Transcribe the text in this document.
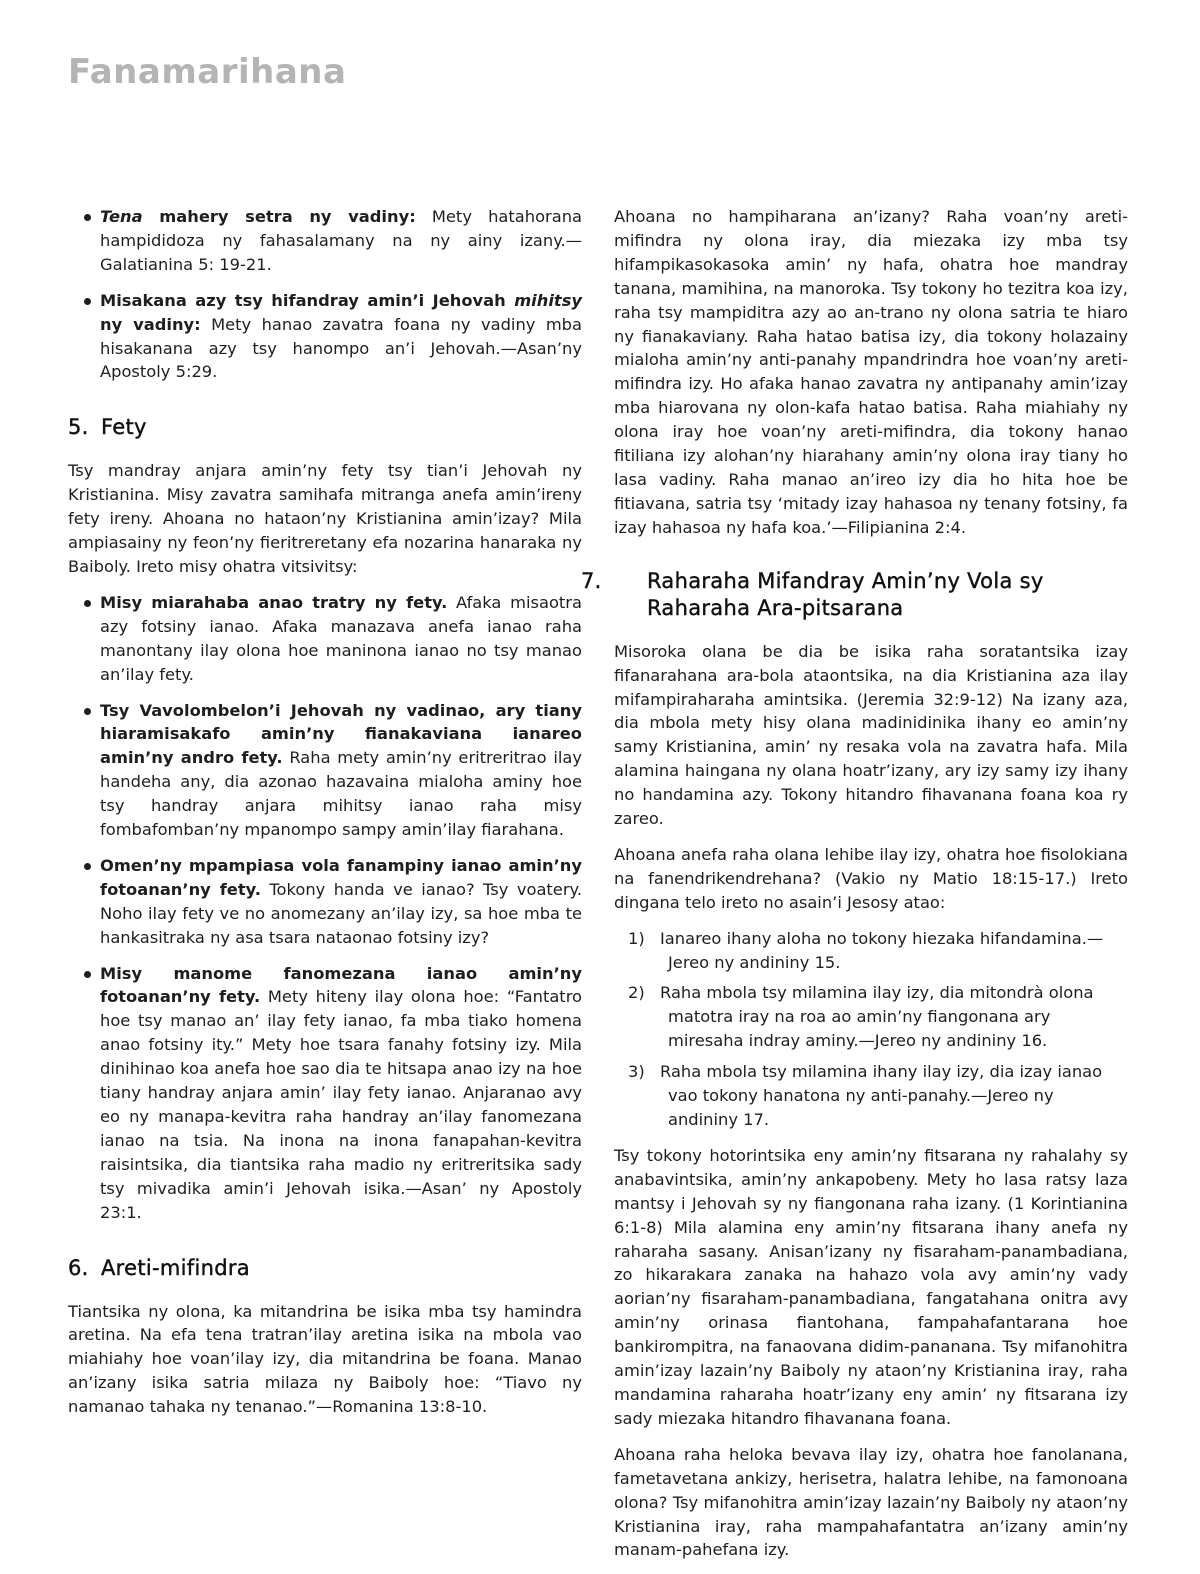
Fanamarihana
Tena mahery setra ny vadiny: Mety hatahorana hampididoza ny fahasalamany na ny ainy izany.—Galatianina 5: 19-21.
Misakana azy tsy hifandray amin’i Jehovah mihitsy ny vadiny: Mety hanao zavatra foana ny vadiny mba hisakanana azy tsy hanompo an’i Jehovah.—Asan’ny Apostoly 5:29.
5. Fety

Tsy mandray anjara amin’ny fety tsy tian’i Jehovah ny Kristianina. Misy zavatra samihafa mitranga anefa amin’ireny fety ireny. Ahoana no hataon’ny Kristianina amin’izay? Mila ampiasainy ny feon’ny fieritreretany efa nozarina hanaraka ny Baiboly. Ireto misy ohatra vitsivitsy:

Misy miarahaba anao tratry ny fety. Afaka misaotra azy fotsiny ianao. Afaka manazava anefa ianao raha manontany ilay olona hoe maninona ianao no tsy manao an’ilay fety.
Tsy Vavolombelon’i Jehovah ny vadinao, ary tiany hiaramisakafo amin’ny fianakaviana ianareo amin’ny andro fety. Raha mety amin’ny eritreritrao ilay handeha any, dia azonao hazavaina mialoha aminy hoe tsy handray anjara mihitsy ianao raha misy fombafomban’ny mpanompo sampy amin’ilay fiarahana.
Omen’ny mpampiasa vola fanampiny ianao amin’ny fotoanan’ny fety. Tokony handa ve ianao? Tsy voatery. Noho ilay fety ve no anomezany an’ilay izy, sa hoe mba te hankasitraka ny asa tsara nataonao fotsiny izy?
Misy manome fanomezana ianao amin’ny fotoanan’ny fety. Mety hiteny ilay olona hoe: “Fantatro hoe tsy manao an’ ilay fety ianao, fa mba tiako homena anao fotsiny ity.” Mety hoe tsara fanahy fotsiny izy. Mila dinihinao koa anefa hoe sao dia te hitsapa anao izy na hoe tiany handray anjara amin’ ilay fety ianao. Anjaranao avy eo ny manapa-kevitra raha handray an’ilay fanomezana ianao na tsia. Na inona na inona fanapahan-kevitra raisintsika, dia tiantsika raha madio ny eritreritsika sady tsy mivadika amin’i Jehovah isika.—Asan’ ny Apostoly 23:1.
6. Areti-mifindra

Tiantsika ny olona, ka mitandrina be isika mba tsy hamindra aretina. Na efa tena tratran’ilay aretina isika na mbola vao miahiahy hoe voan’ilay izy, dia mitandrina be foana. Manao an’izany isika satria milaza ny Baiboly hoe: “Tiavo ny namanao tahaka ny tenanao.”—Romanina 13:8-10.

Ahoana no hampiharana an’izany? Raha voan’ny areti-mifindra ny olona iray, dia miezaka izy mba tsy hifampikasokasoka amin’ ny hafa, ohatra hoe mandray tanana, mamihina, na manoroka. Tsy tokony ho tezitra koa izy, raha tsy mampiditra azy ao an-trano ny olona satria te hiaro ny fianakaviany. Raha hatao batisa izy, dia tokony holazainy mialoha amin’ny anti-panahy mpandrindra hoe voan’ny areti-mifindra izy. Ho afaka hanao zavatra ny antipanahy amin’izay mba hiarovana ny olon-kafa hatao batisa. Raha miahiahy ny olona iray hoe voan’ny areti-mifindra, dia tokony hanao fitiliana izy alohan’ny hiarahany amin’ny olona iray tiany ho lasa vadiny. Raha manao an’ireo izy dia ho hita hoe be fitiavana, satria tsy ‘mitady izay hahasoa ny tenany fotsiny, fa izay hahasoa ny hafa koa.’—Filipianina 2:4.

7. Raharaha Mifandray Amin’ny Vola sy Raharaha Ara-pitsarana

Misoroka olana be dia be isika raha soratantsika izay fifanarahana ara-bola ataontsika, na dia Kristianina aza ilay mifampiraharaha amintsika. (Jeremia 32:9-12) Na izany aza, dia mbola mety hisy olana madinidinika ihany eo amin’ny samy Kristianina, amin’ ny resaka vola na zavatra hafa. Mila alamina haingana ny olana hoatr’izany, ary izy samy izy ihany no handamina azy. Tokony hitandro fihavanana foana koa ry zareo.

Ahoana anefa raha olana lehibe ilay izy, ohatra hoe fisolokiana na fanendrikendrehana? (Vakio ny Matio 18:15-17.) Ireto dingana telo ireto no asain’i Jesosy atao:

1) Ianareo ihany aloha no tokony hiezaka hifandamina.—Jereo ny andininy 15.
2) Raha mbola tsy milamina ilay izy, dia mitondrà olona matotra iray na roa ao amin’ny fiangonana ary miresaha indray aminy.—Jereo ny andininy 16.
3) Raha mbola tsy milamina ihany ilay izy, dia izay ianao vao tokony hanatona ny anti-panahy.—Jereo ny andininy 17.

Tsy tokony hotorintsika eny amin’ny fitsarana ny rahalahy sy anabavintsika, amin’ny ankapobeny. Mety ho lasa ratsy laza mantsy i Jehovah sy ny fiangonana raha izany. (1 Korintianina 6:1-8) Mila alamina eny amin’ny fitsarana ihany anefa ny raharaha sasany. Anisan’izany ny fisaraham-panambadiana, zo hikarakara zanaka na hahazo vola avy amin’ny vady aorian’ny fisaraham-panambadiana, fangatahana onitra avy amin’ny orinasa fiantohana, fampahafantarana hoe bankirompitra, na fanaovana didim-pananana. Tsy mifanohitra amin’izay lazain’ny Baiboly ny ataon’ny Kristianina iray, raha mandamina raharaha hoatr’izany eny amin’ ny fitsarana izy sady miezaka hitandro fihavanana foana.

Ahoana raha heloka bevava ilay izy, ohatra hoe fanolanana, fametavetana ankizy, herisetra, halatra lehibe, na famonoana olona? Tsy mifanohitra amin’izay lazain’ny Baiboly ny ataon’ny Kristianina iray, raha mampahafantatra an’izany amin’ny manam-pahefana izy.
